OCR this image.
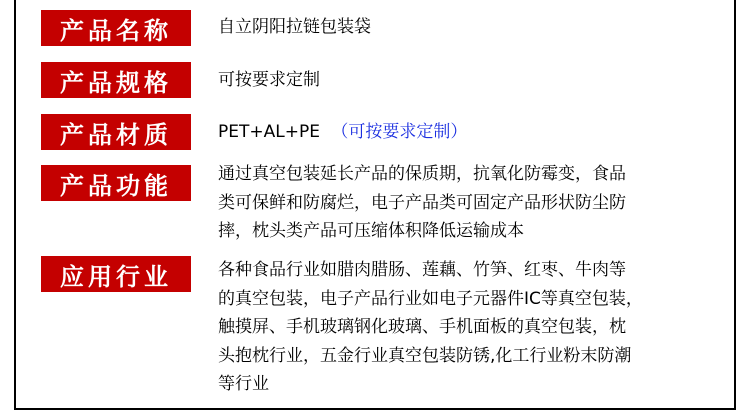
产品名称	自立阴阳拉链包装袋
产品规格	可按要求定制
产品材质	PET+AL+PE （可按要求定制）
产品功能	通过真空包装延长产品的保质期，抗氧化防霉变，食品
类可保鲜和防腐烂，电子产品类可固定产品形状防尘防
摔，枕头类产品可压缩体积降低运输成本
应用行业	各种食品行业如腊肉腊肠、莲藕、竹笋、红枣、牛肉等
的真空包装，电子产品行业如电子元器件IC等真空包装，
触摸屏、手机玻璃钢化玻璃、手机面板的真空包装，枕
头抱枕行业，五金行业真空包装防锈,化工行业粉末防潮
等行业
